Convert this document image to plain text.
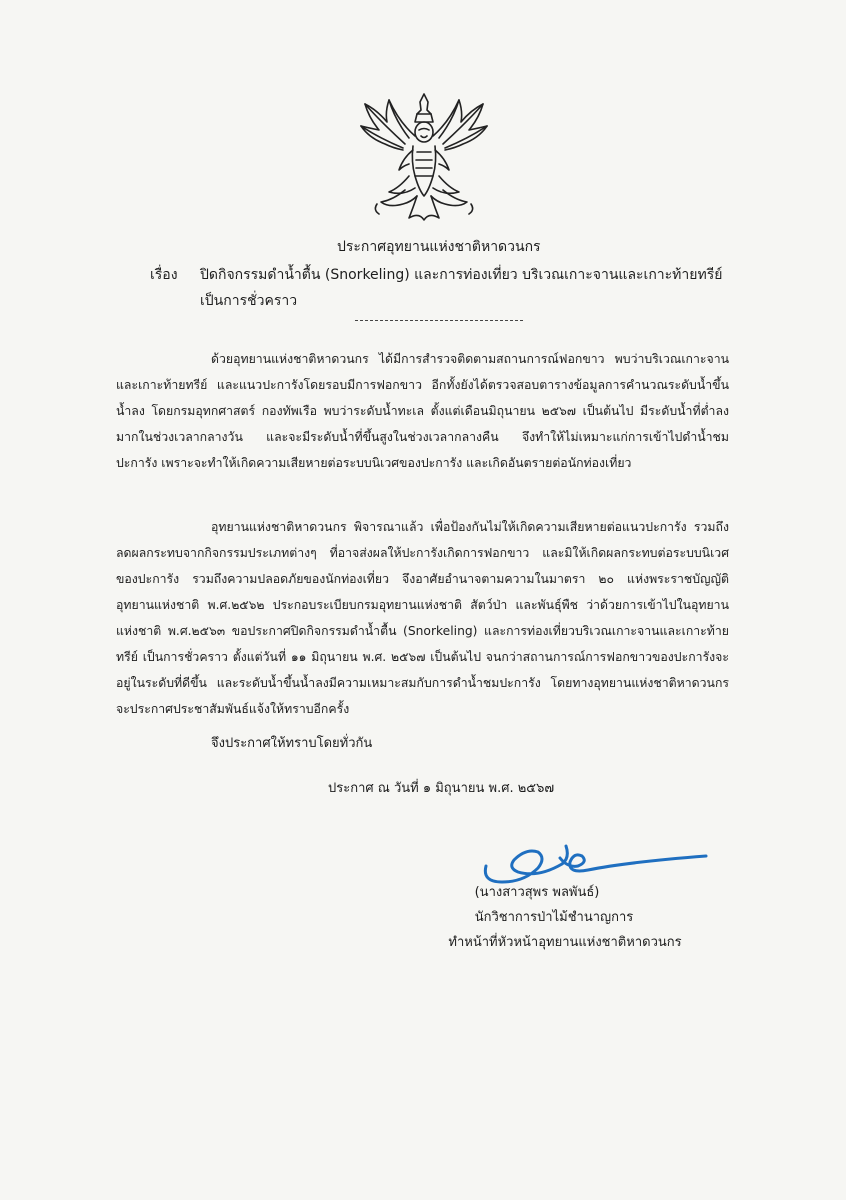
ประกาศอุทยานแห่งชาติหาดวนกร
เรื่อง ปิดกิจกรรมดำน้ำตื้น (Snorkeling) และการท่องเที่ยว บริเวณเกาะจานและเกาะท้ายทรีย์
เป็นการชั่วคราว

ด้วยอุทยานแห่งชาติหาดวนกร ได้มีการสำรวจติดตามสถานการณ์ฟอกขาว พบว่าบริเวณเกาะจานและเกาะท้ายทรีย์ และแนวปะการังโดยรอบมีการฟอกขาว อีกทั้งยังได้ตรวจสอบตารางข้อมูลการคำนวณระดับน้ำขึ้นน้ำลง โดยกรมอุทกศาสตร์ กองทัพเรือ พบว่าระดับน้ำทะเล ตั้งแต่เดือนมิถุนายน ๒๕๖๗ เป็นต้นไป มีระดับน้ำที่ต่ำลงมากในช่วงเวลากลางวัน และจะมีระดับน้ำที่ขึ้นสูงในช่วงเวลากลางคืน จึงทำให้ไม่เหมาะแก่การเข้าไปดำน้ำชมปะการัง เพราะจะทำให้เกิดความเสียหายต่อระบบนิเวศของปะการัง และเกิดอันตรายต่อนักท่องเที่ยว

อุทยานแห่งชาติหาดวนกร พิจารณาแล้ว เพื่อป้องกันไม่ให้เกิดความเสียหายต่อแนวปะการัง รวมถึงลดผลกระทบจากกิจกรรมประเภทต่างๆ ที่อาจส่งผลให้ปะการังเกิดการฟอกขาว และมิให้เกิดผลกระทบต่อระบบนิเวศของปะการัง รวมถึงความปลอดภัยของนักท่องเที่ยว จึงอาศัยอำนาจตามความในมาตรา ๒๐ แห่งพระราชบัญญัติอุทยานแห่งชาติ พ.ศ.๒๕๖๒ ประกอบระเบียบกรมอุทยานแห่งชาติ สัตว์ป่า และพันธุ์พืช ว่าด้วยการเข้าไปในอุทยานแห่งชาติ พ.ศ.๒๕๖๓ ขอประกาศปิดกิจกรรมดำน้ำตื้น (Snorkeling) และการท่องเที่ยวบริเวณเกาะจานและเกาะท้ายทรีย์ เป็นการชั่วคราว ตั้งแต่วันที่ ๑๑ มิถุนายน พ.ศ. ๒๕๖๗ เป็นต้นไป จนกว่าสถานการณ์การฟอกขาวของปะการังจะอยู่ในระดับที่ดีขึ้น และระดับน้ำขึ้นน้ำลงมีความเหมาะสมกับการดำน้ำชมปะการัง โดยทางอุทยานแห่งชาติหาดวนกรจะประกาศประชาสัมพันธ์แจ้งให้ทราบอีกครั้ง

จึงประกาศให้ทราบโดยทั่วกัน
ประกาศ ณ วันที่ ๑ มิถุนายน พ.ศ. ๒๕๖๗
(นางสาวสุพร พลพันธ์)
นักวิชาการป่าไม้ชำนาญการ
ทำหน้าที่หัวหน้าอุทยานแห่งชาติหาดวนกร
